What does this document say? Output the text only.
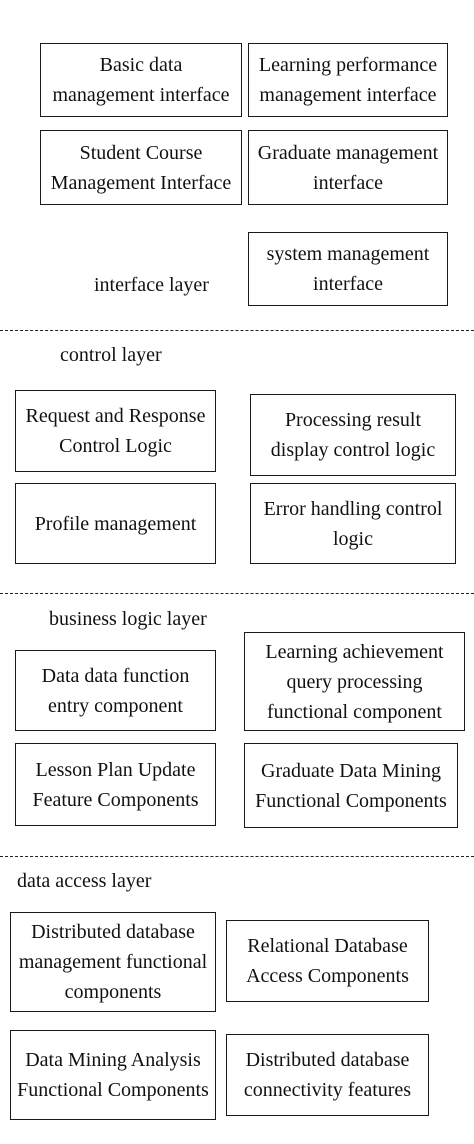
Basic data
management interface
Learning performance
management interface
Student Course
Management Interface
Graduate management
interface
system management
interface
interface layer
control layer
Request and Response
Control Logic
Processing result
display control logic
Profile management
Error handling control
logic
business logic layer
Data data function
entry component
Learning achievement
query processing
functional component
Lesson Plan Update
Feature Components
Graduate Data Mining
Functional Components
data access layer
Distributed database
management functional
components
Relational Database
Access Components
Data Mining Analysis
Functional Components
Distributed database
connectivity features
